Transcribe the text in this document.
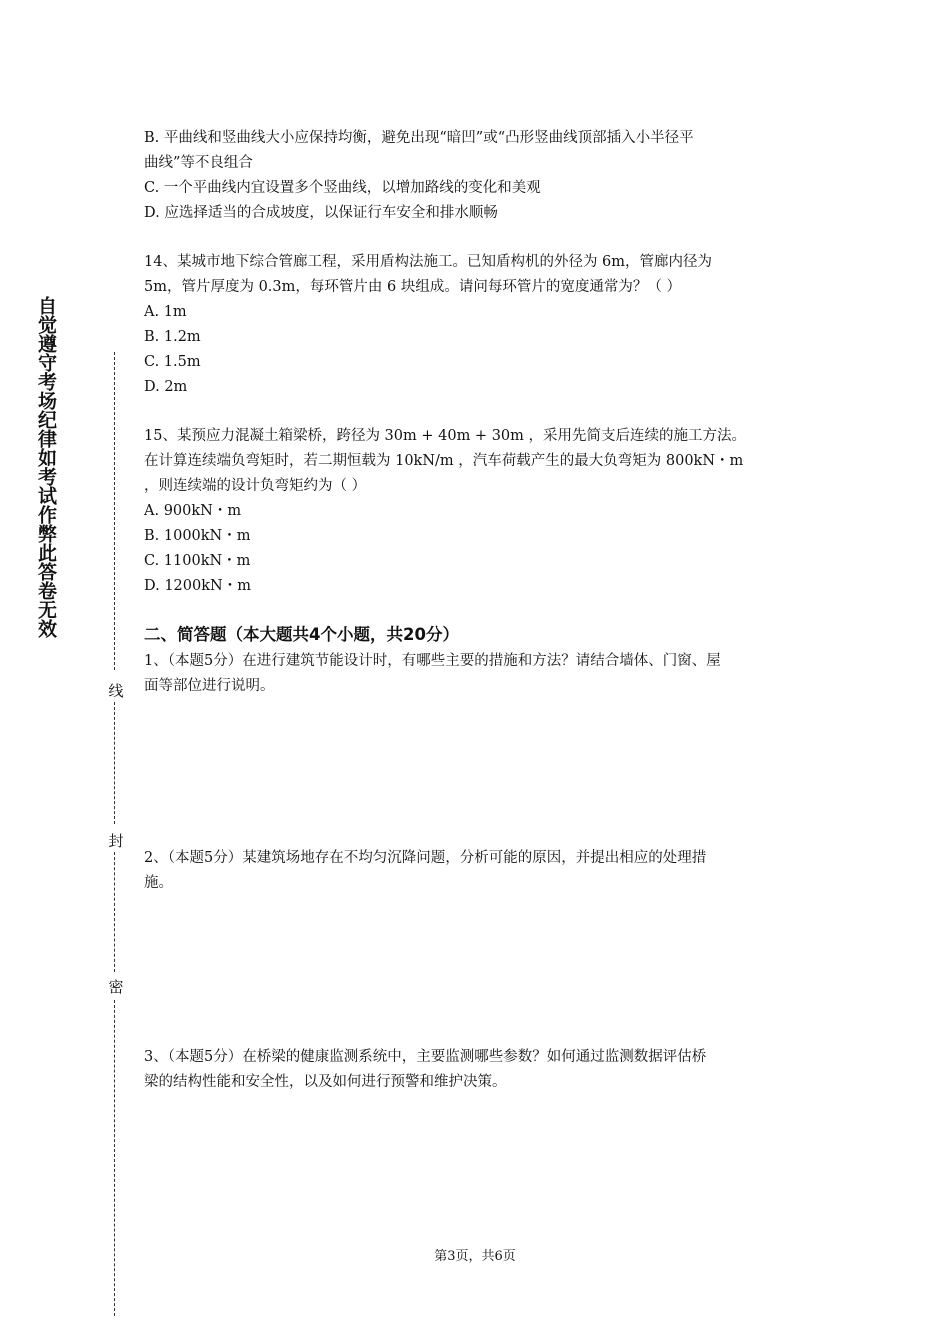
自觉遵守考场纪律如考试作弊此答卷无效
线
封
密
B. 平曲线和竖曲线大小应保持均衡，避免出现“暗凹”或“凸形竖曲线顶部插入小半径平
曲线”等不良组合
C. 一个平曲线内宜设置多个竖曲线，以增加路线的变化和美观
D. 应选择适当的合成坡度，以保证行车安全和排水顺畅
14、某城市地下综合管廊工程，采用盾构法施工。已知盾构机的外径为 6m，管廊内径为
5m，管片厚度为 0.3m，每环管片由 6 块组成。请问每环管片的宽度通常为？（ ）
A. 1m
B. 1.2m
C. 1.5m
D. 2m
15、某预应力混凝土箱梁桥，跨径为 30m + 40m + 30m ，采用先简支后连续的施工方法。
在计算连续端负弯矩时，若二期恒载为 10kN/m ，汽车荷载产生的最大负弯矩为 800kN・m
，则连续端的设计负弯矩约为（ ）
A. 900kN・m
B. 1000kN・m
C. 1100kN・m
D. 1200kN・m
二、简答题（本大题共4个小题，共20分）
1、（本题5分）在进行建筑节能设计时，有哪些主要的措施和方法？请结合墙体、门窗、屋
面等部位进行说明。
2、（本题5分）某建筑场地存在不均匀沉降问题，分析可能的原因，并提出相应的处理措
施。
3、（本题5分）在桥梁的健康监测系统中，主要监测哪些参数？如何通过监测数据评估桥
梁的结构性能和安全性，以及如何进行预警和维护决策。
第3页，共6页
